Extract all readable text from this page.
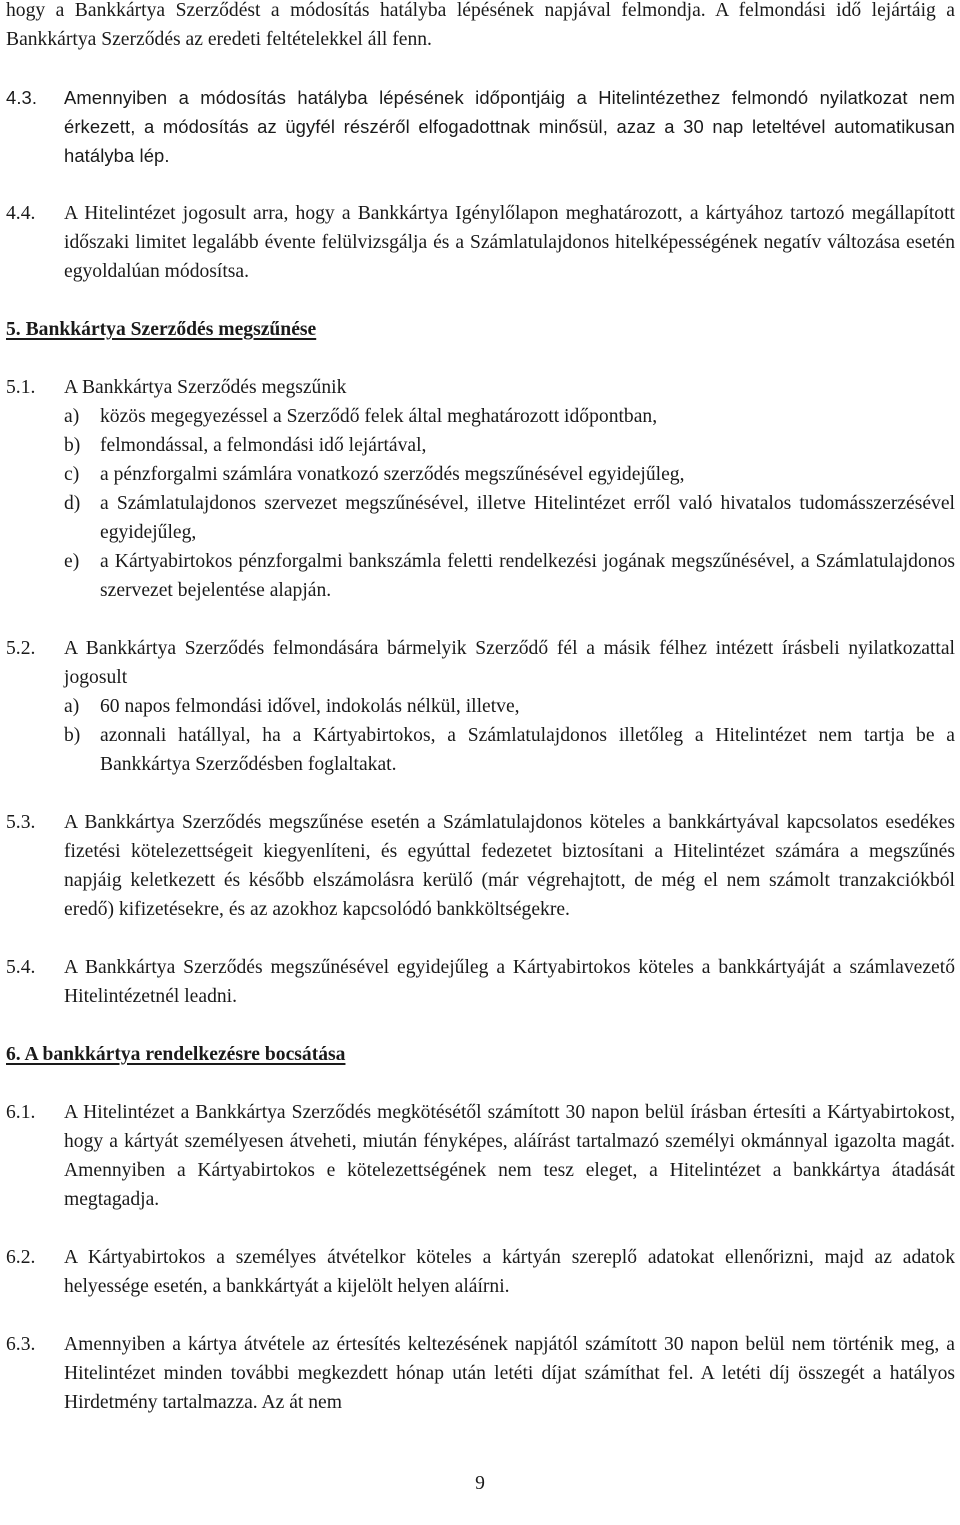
hogy a Bankkártya Szerződést a módosítás hatályba lépésének napjával felmondja. A felmondási idő lejártáig a Bankkártya Szerződés az eredeti feltételekkel áll fenn.
4.3. Amennyiben a módosítás hatályba lépésének időpontjáig a Hitelintézethez felmondó nyilatkozat nem érkezett, a módosítás az ügyfél részéről elfogadottnak minősül, azaz a 30 nap leteltével automatikusan hatályba lép.
4.4. A Hitelintézet jogosult arra, hogy a Bankkártya Igénylőlapon meghatározott, a kártyához tartozó megállapított időszaki limitet legalább évente felülvizsgálja és a Számlatulajdonos hitelképességének negatív változása esetén egyoldalúan módosítsa.
5. Bankkártya Szerződés megszűnése
5.1. A Bankkártya Szerződés megszűnik
a) közös megegyezéssel a Szerződő felek által meghatározott időpontban,
b) felmondással, a felmondási idő lejártával,
c) a pénzforgalmi számlára vonatkozó szerződés megszűnésével egyidejűleg,
d) a Számlatulajdonos szervezet megszűnésével, illetve Hitelintézet erről való hivatalos tudomásszerzésével egyidejűleg,
e) a Kártyabirtokos pénzforgalmi bankszámla feletti rendelkezési jogának megszűnésével, a Számlatulajdonos szervezet bejelentése alapján.
5.2. A Bankkártya Szerződés felmondására bármelyik Szerződő fél a másik félhez intézett írásbeli nyilatkozattal jogosult
a) 60 napos felmondási idővel, indokolás nélkül, illetve,
b) azonnali hatállyal, ha a Kártyabirtokos, a Számlatulajdonos illetőleg a Hitelintézet nem tartja be a Bankkártya Szerződésben foglaltakat.
5.3. A Bankkártya Szerződés megszűnése esetén a Számlatulajdonos köteles a bankkártyával kapcsolatos esedékes fizetési kötelezettségeit kiegyenlíteni, és egyúttal fedezetet biztosítani a Hitelintézet számára a megszűnés napjáig keletkezett és később elszámolásra kerülő (már végrehajtott, de még el nem számolt tranzakciókból eredő) kifizetésekre, és az azokhoz kapcsolódó bankköltségekre.
5.4. A Bankkártya Szerződés megszűnésével egyidejűleg a Kártyabirtokos köteles a bankkártyáját a számlavezető Hitelintézetnél leadni.
6. A bankkártya rendelkezésre bocsátása
6.1. A Hitelintézet a Bankkártya Szerződés megkötésétől számított 30 napon belül írásban értesíti a Kártyabirtokost, hogy a kártyát személyesen átveheti, miután fényképes, aláírást tartalmazó személyi okmánnyal igazolta magát. Amennyiben a Kártyabirtokos e kötelezettségének nem tesz eleget, a Hitelintézet a bankkártya átadását megtagadja.
6.2. A Kártyabirtokos a személyes átvételkor köteles a kártyán szereplő adatokat ellenőrizni, majd az adatok helyessége esetén, a bankkártyát a kijelölt helyen aláírni.
6.3. Amennyiben a kártya átvétele az értesítés keltezésének napjától számított 30 napon belül nem történik meg, a Hitelintézet minden további megkezdett hónap után letéti díjat számíthat fel. A letéti díj összegét a hatályos Hirdetmény tartalmazza. Az át nem
9
